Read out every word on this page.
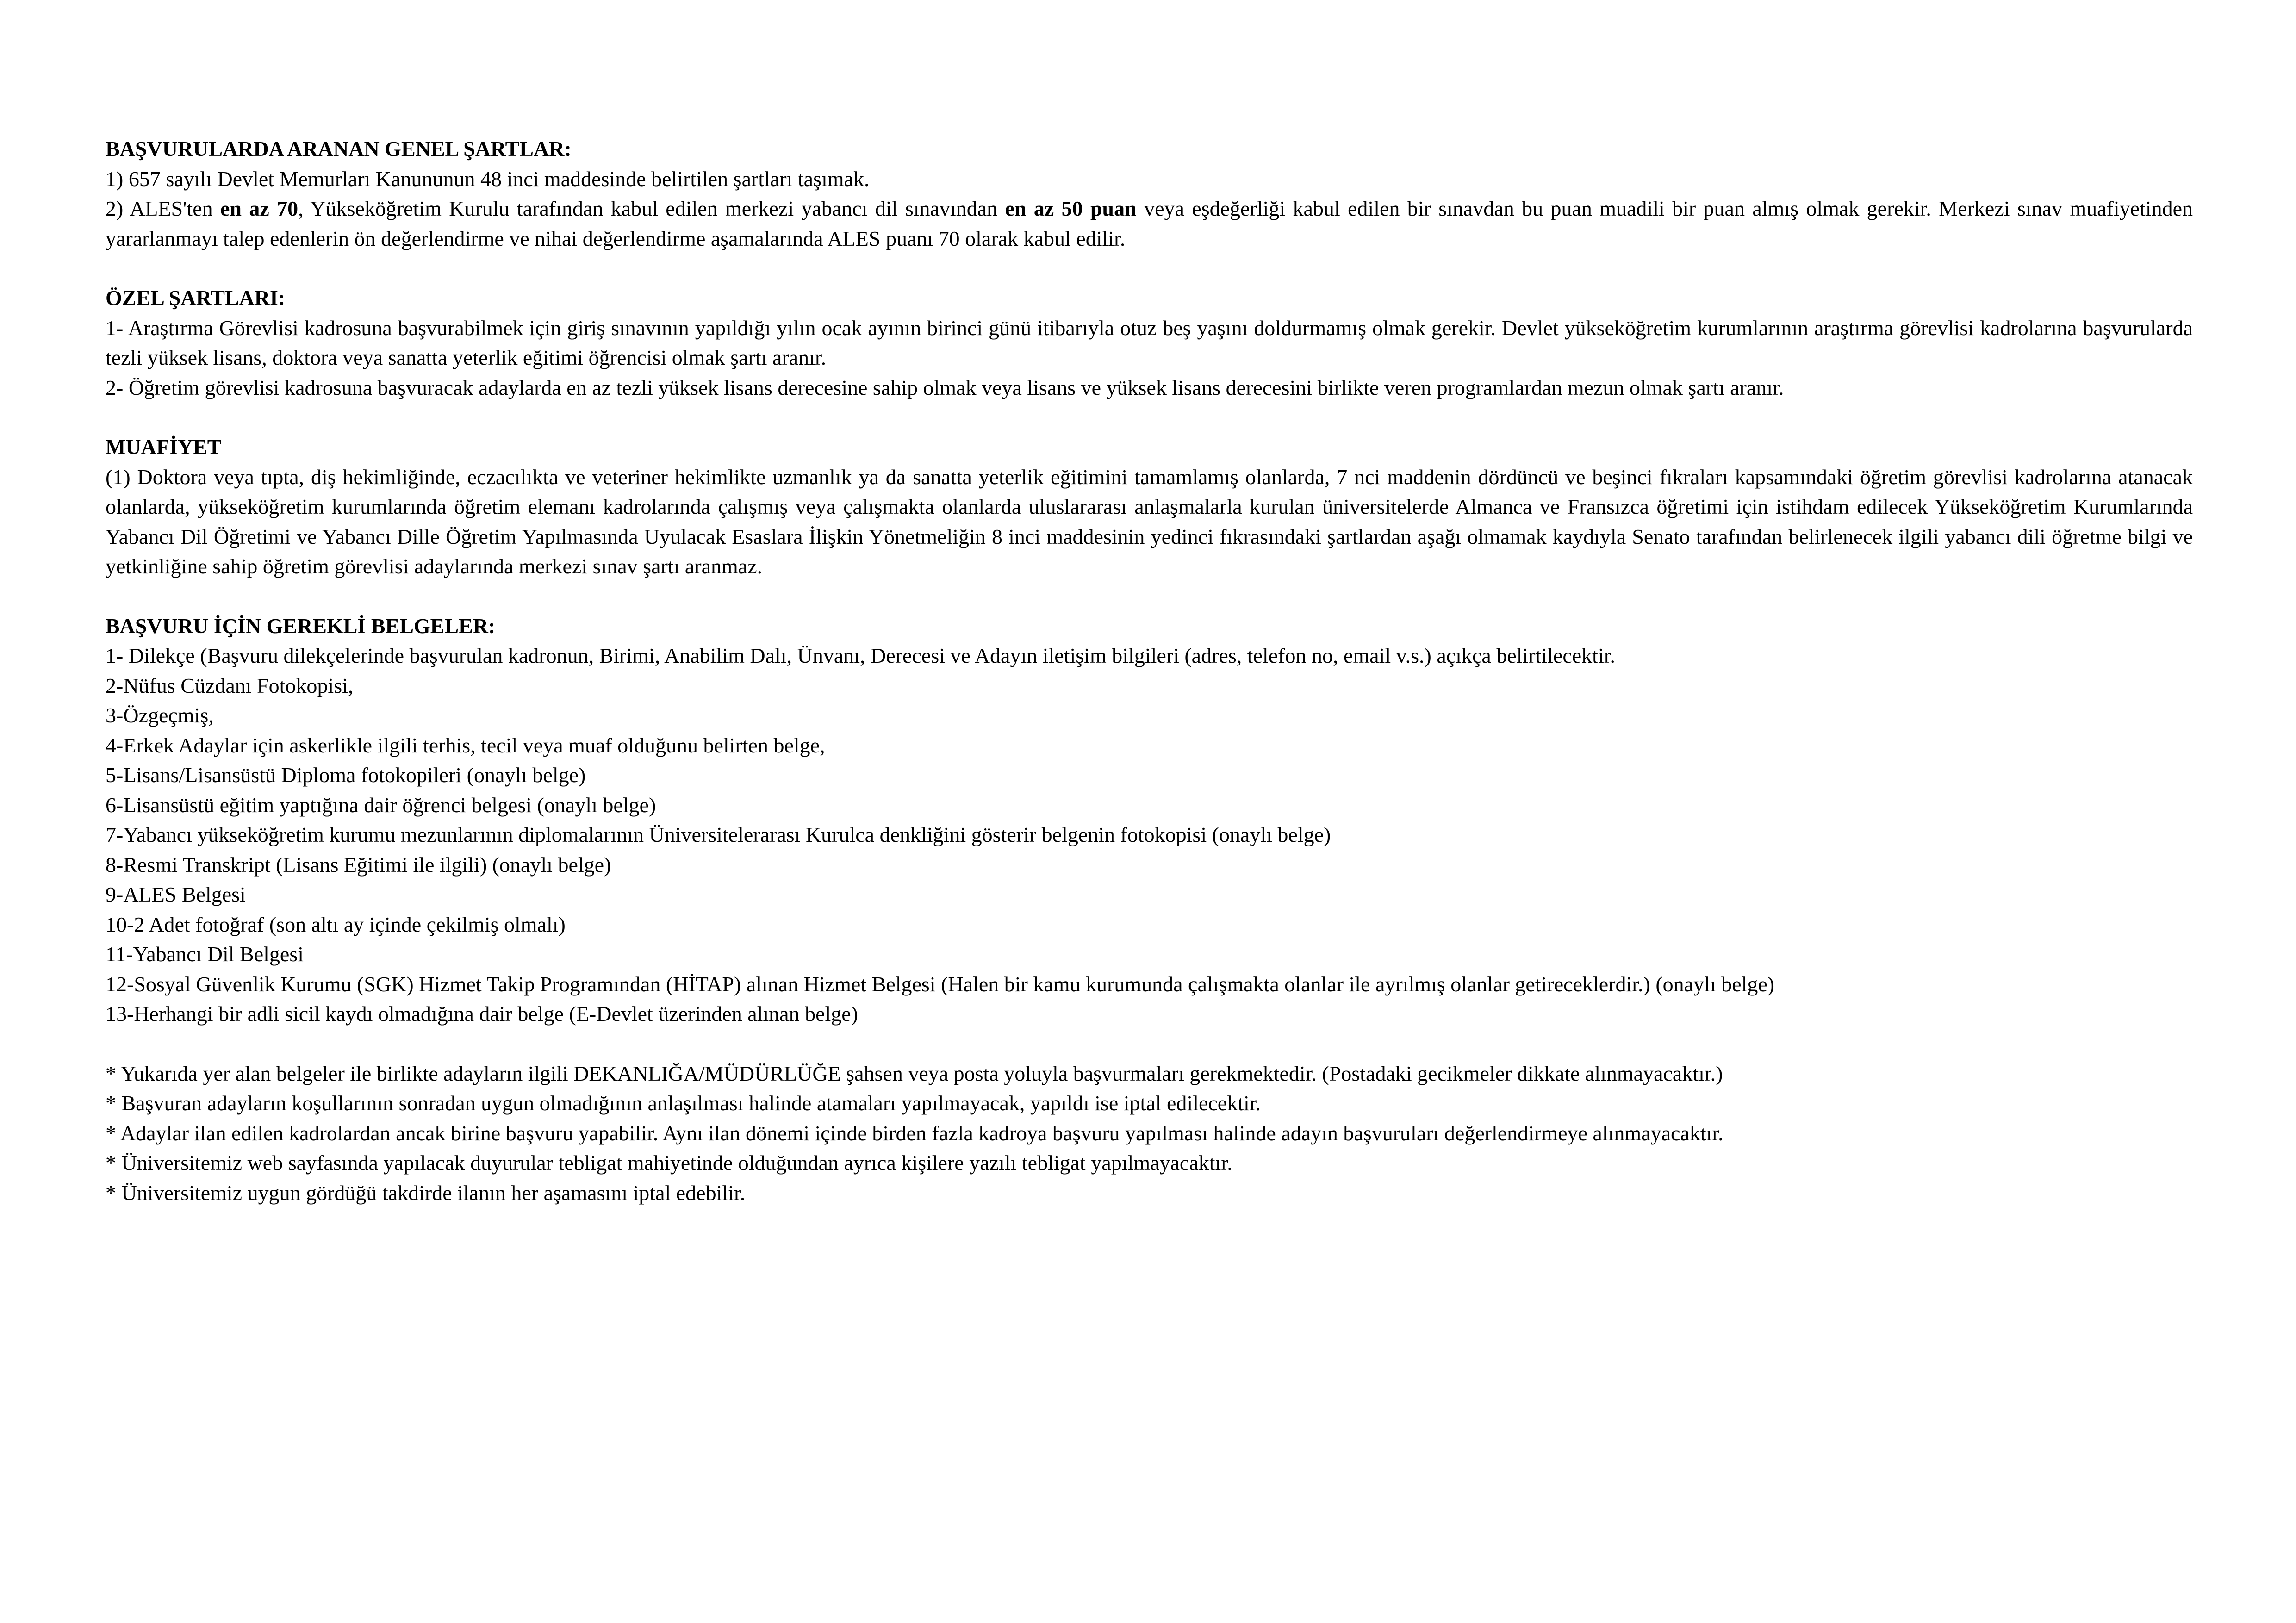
BAŞVURULARDA ARANAN GENEL ŞARTLAR:
1) 657 sayılı Devlet Memurları Kanununun 48 inci maddesinde belirtilen şartları taşımak.
2) ALES'ten en az 70, Yükseköğretim Kurulu tarafından kabul edilen merkezi yabancı dil sınavından en az 50 puan veya eşdeğerliği kabul edilen bir sınavdan bu puan muadili bir puan almış olmak gerekir. Merkezi sınav muafiyetinden yararlanmayı talep edenlerin ön değerlendirme ve nihai değerlendirme aşamalarında ALES puanı 70 olarak kabul edilir.
ÖZEL ŞARTLARI:
1- Araştırma Görevlisi kadrosuna başvurabilmek için giriş sınavının yapıldığı yılın ocak ayının birinci günü itibarıyla otuz beş yaşını doldurmamış olmak gerekir. Devlet yükseköğretim kurumlarının araştırma görevlisi kadrolarına başvurularda tezli yüksek lisans, doktora veya sanatta yeterlik eğitimi öğrencisi olmak şartı aranır.
2- Öğretim görevlisi kadrosuna başvuracak adaylarda en az tezli yüksek lisans derecesine sahip olmak veya lisans ve yüksek lisans derecesini birlikte veren programlardan mezun olmak şartı aranır.
MUAFİYET
(1) Doktora veya tıpta, diş hekimliğinde, eczacılıkta ve veteriner hekimlikte uzmanlık ya da sanatta yeterlik eğitimini tamamlamış olanlarda, 7 nci maddenin dördüncü ve beşinci fıkraları kapsamındaki öğretim görevlisi kadrolarına atanacak olanlarda, yükseköğretim kurumlarında öğretim elemanı kadrolarında çalışmış veya çalışmakta olanlarda uluslararası anlaşmalarla kurulan üniversitelerde Almanca ve Fransızca öğretimi için istihdam edilecek Yükseköğretim Kurumlarında Yabancı Dil Öğretimi ve Yabancı Dille Öğretim Yapılmasında Uyulacak Esaslara İlişkin Yönetmeliğin 8 inci maddesinin yedinci fıkrasındaki şartlardan aşağı olmamak kaydıyla Senato tarafından belirlenecek ilgili yabancı dili öğretme bilgi ve yetkinliğine sahip öğretim görevlisi adaylarında merkezi sınav şartı aranmaz.
BAŞVURU İÇİN GEREKLİ BELGELER:
1- Dilekçe (Başvuru dilekçelerinde başvurulan kadronun, Birimi, Anabilim Dalı, Ünvanı, Derecesi ve Adayın iletişim bilgileri (adres, telefon no, email v.s.) açıkça belirtilecektir.
2-Nüfus Cüzdanı Fotokopisi,
3-Özgeçmiş,
4-Erkek Adaylar için askerlikle ilgili terhis, tecil veya muaf olduğunu belirten belge,
5-Lisans/Lisansüstü Diploma fotokopileri (onaylı belge)
6-Lisansüstü eğitim yaptığına dair öğrenci belgesi (onaylı belge)
7-Yabancı yükseköğretim kurumu mezunlarının diplomalarının Üniversitelerarası Kurulca denkliğini gösterir belgenin fotokopisi (onaylı belge)
8-Resmi Transkript (Lisans Eğitimi ile ilgili) (onaylı belge)
9-ALES Belgesi
10-2 Adet fotoğraf (son altı ay içinde çekilmiş olmalı)
11-Yabancı Dil Belgesi
12-Sosyal Güvenlik Kurumu (SGK) Hizmet Takip Programından (HİTAP) alınan Hizmet Belgesi (Halen bir kamu kurumunda çalışmakta olanlar ile ayrılmış olanlar getireceklerdir.) (onaylı belge)
13-Herhangi bir adli sicil kaydı olmadığına dair belge (E-Devlet üzerinden alınan belge)
* Yukarıda yer alan belgeler ile birlikte adayların ilgili DEKANLIĞA/MÜDÜRLÜĞE şahsen veya posta yoluyla başvurmaları gerekmektedir. (Postadaki gecikmeler dikkate alınmayacaktır.)
* Başvuran adayların koşullarının sonradan uygun olmadığının anlaşılması halinde atamaları yapılmayacak, yapıldı ise iptal edilecektir.
* Adaylar ilan edilen kadrolardan ancak birine başvuru yapabilir. Aynı ilan dönemi içinde birden fazla kadroya başvuru yapılması halinde adayın başvuruları değerlendirmeye alınmayacaktır.
* Üniversitemiz web sayfasında yapılacak duyurular tebligat mahiyetinde olduğundan ayrıca kişilere yazılı tebligat yapılmayacaktır.
* Üniversitemiz uygun gördüğü takdirde ilanın her aşamasını iptal edebilir.
